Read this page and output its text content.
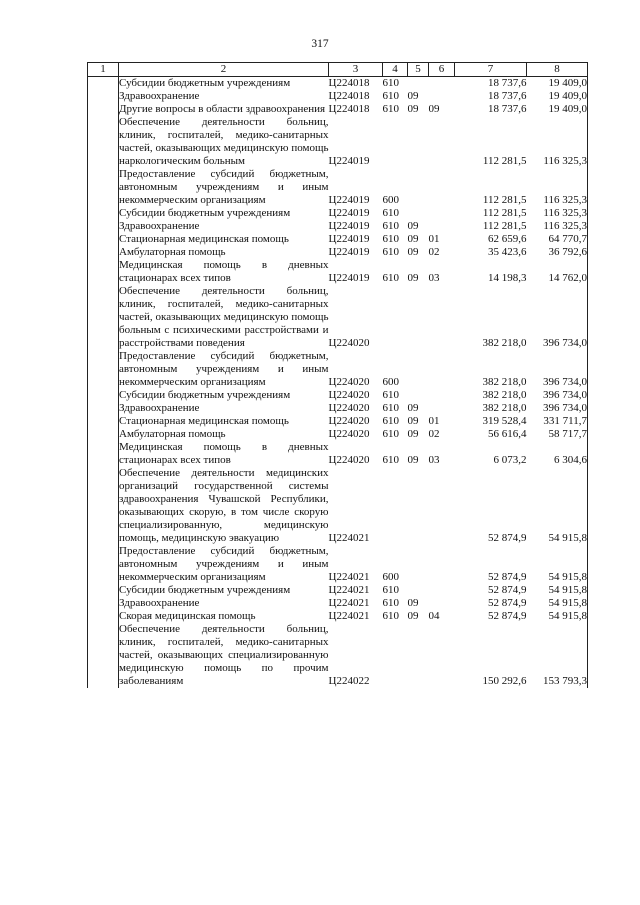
317
1	2	3	4	5	6	7	8
	Субсидии бюджетным учреждениям	Ц224018	610			18 737,6	19 409,0
	Здравоохранение	Ц224018	610	09		18 737,6	19 409,0
	Другие вопросы в области здравоохранения	Ц224018	610	09	09	18 737,6	19 409,0
	Обеспечение деятельности больниц, клиник, госпиталей, медико-санитарных частей, оказывающих медицинскую помощь наркологическим больным	Ц224019				112 281,5	116 325,3
	Предоставление субсидий бюджетным, автономным учреждениям и иным некоммерческим организациям	Ц224019	600			112 281,5	116 325,3
	Субсидии бюджетным учреждениям	Ц224019	610			112 281,5	116 325,3
	Здравоохранение	Ц224019	610	09		112 281,5	116 325,3
	Стационарная медицинская помощь	Ц224019	610	09	01	62 659,6	64 770,7
	Амбулаторная помощь	Ц224019	610	09	02	35 423,6	36 792,6
	Медицинская помощь в дневных стационарах всех типов	Ц224019	610	09	03	14 198,3	14 762,0
	Обеспечение деятельности больниц, клиник, госпиталей, медико-санитарных частей, оказывающих медицинскую помощь больным с психическими расстройствами и расстройствами поведения	Ц224020				382 218,0	396 734,0
	Предоставление субсидий бюджетным, автономным учреждениям и иным некоммерческим организациям	Ц224020	600			382 218,0	396 734,0
	Субсидии бюджетным учреждениям	Ц224020	610			382 218,0	396 734,0
	Здравоохранение	Ц224020	610	09		382 218,0	396 734,0
	Стационарная медицинская помощь	Ц224020	610	09	01	319 528,4	331 711,7
	Амбулаторная помощь	Ц224020	610	09	02	56 616,4	58 717,7
	Медицинская помощь в дневных стационарах всех типов	Ц224020	610	09	03	6 073,2	6 304,6
	Обеспечение деятельности медицинских организаций государственной системы здравоохранения Чувашской Республики, оказывающих скорую, в том числе скорую специализированную, медицинскую помощь, медицинскую эвакуацию	Ц224021				52 874,9	54 915,8
	Предоставление субсидий бюджетным, автономным учреждениям и иным некоммерческим организациям	Ц224021	600			52 874,9	54 915,8
	Субсидии бюджетным учреждениям	Ц224021	610			52 874,9	54 915,8
	Здравоохранение	Ц224021	610	09		52 874,9	54 915,8
	Скорая медицинская помощь	Ц224021	610	09	04	52 874,9	54 915,8
	Обеспечение деятельности больниц, клиник, госпиталей, медико-санитарных частей, оказывающих специализированную медицинскую помощь по прочим заболеваниям	Ц224022				150 292,6	153 793,3
